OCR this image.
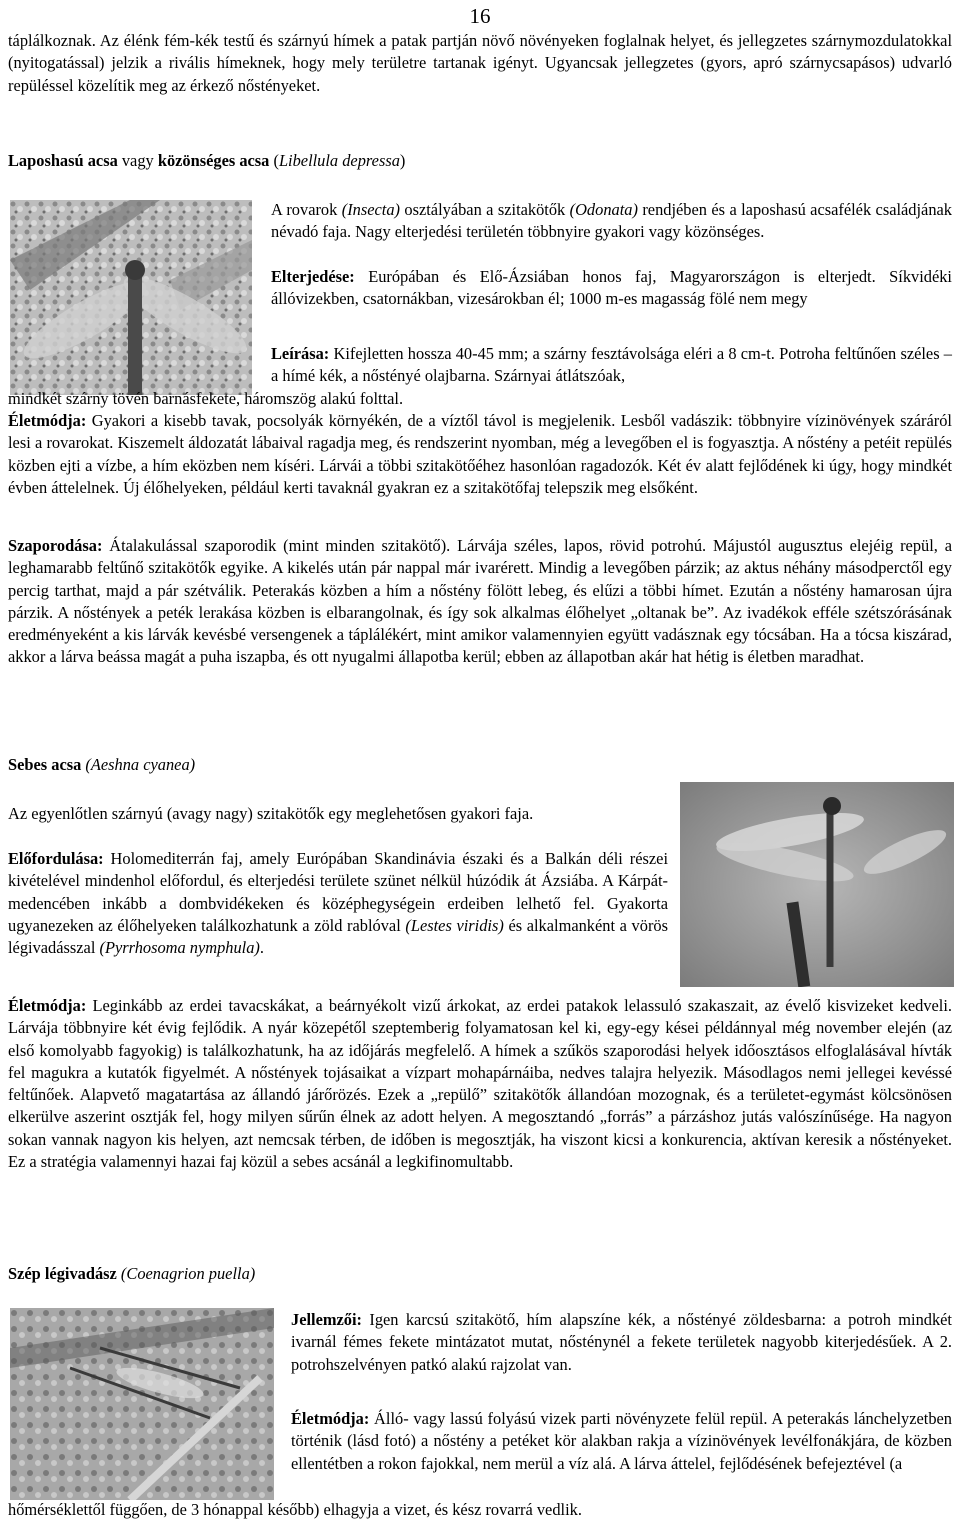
16
táplálkoznak. Az élénk fém-kék testű és szárnyú hímek a patak partján növő növényeken foglalnak helyet, és jellegzetes szárnymozdulatokkal (nyitogatással) jelzik a rivális hímeknek, hogy mely területre tartanak igényt. Ugyancsak jellegzetes (gyors, apró szárnycsapásos) udvarló repüléssel közelítik meg az érkező nőstényeket.
Laposhasú acsa vagy közönséges acsa (Libellula depressa)
A rovarok (Insecta) osztályában a szitakötők (Odonata) rendjében és a laposhasú acsafélék családjának névadó faja. Nagy elterjedési területén többnyire gyakori vagy közönséges.
Elterjedése: Európában és Elő-Ázsiában honos faj, Magyarországon is elterjedt. Síkvidéki állóvizekben, csatornákban, vizesárokban él; 1000 m-es magasság fölé nem megy
Leírása: Kifejletten hossza 40-45 mm; a szárny fesztávolsága eléri a 8 cm-t. Potroha feltűnően széles – a hímé kék, a nőstényé olajbarna. Szárnyai átlátszóak,
mindkét szárny tövén barnásfekete, háromszög alakú folttal.
Életmódja: Gyakori a kisebb tavak, pocsolyák környékén, de a víztől távol is megjelenik. Lesből vadászik: többnyire vízinövények száráról lesi a rovarokat. Kiszemelt áldozatát lábaival ragadja meg, és rendszerint nyomban, még a levegőben el is fogyasztja. A nőstény a petéit repülés közben ejti a vízbe, a hím eközben nem kíséri. Lárvái a többi szitakötőéhez hasonlóan ragadozók. Két év alatt fejlődének ki úgy, hogy mindkét évben áttelelnek. Új élőhelyeken, például kerti tavaknál gyakran ez a szitakötőfaj telepszik meg elsőként.
Szaporodása: Átalakulással szaporodik (mint minden szitakötő). Lárvája széles, lapos, rövid potrohú. Májustól augusztus elejéig repül, a leghamarabb feltűnő szitakötők egyike. A kikelés után pár nappal már ivarérett. Mindig a levegőben párzik; az aktus néhány másodperctől egy percig tarthat, majd a pár szétválik. Peterakás közben a hím a nőstény fölött lebeg, és elűzi a többi hímet. Ezután a nőstény hamarosan újra párzik. A nőstények a peték lerakása közben is elbarangolnak, és így sok alkalmas élőhelyet „oltanak be”. Az ivadékok efféle szétszórásának eredményeként a kis lárvák kevésbé versengenek a táplálékért, mint amikor valamennyien együtt vadásznak egy tócsában. Ha a tócsa kiszárad, akkor a lárva beássa magát a puha iszapba, és ott nyugalmi állapotba kerül; ebben az állapotban akár hat hétig is életben maradhat.
Sebes acsa (Aeshna cyanea)
Az egyenlőtlen szárnyú (avagy nagy) szitakötők egy meglehetősen gyakori faja.
Előfordulása: Holomediterrán faj, amely Európában Skandinávia északi és a Balkán déli részei kivételével mindenhol előfordul, és elterjedési területe szünet nélkül húzódik át Ázsiába. A Kárpát-medencében inkább a dombvidékeken és középhegységein erdeiben lelhető fel. Gyakorta ugyanezeken az élőhelyeken találkozhatunk a zöld rablóval (Lestes viridis) és alkalmanként a vörös légivadásszal (Pyrrhosoma nymphula).
Életmódja: Leginkább az erdei tavacskákat, a beárnyékolt vizű árkokat, az erdei patakok lelassuló szakaszait, az évelő kisvizeket kedveli. Lárvája többnyire két évig fejlődik. A nyár közepétől szeptemberig folyamatosan kel ki, egy-egy kései példánnyal még november elején (az első komolyabb fagyokig) is találkozhatunk, ha az időjárás megfelelő. A hímek a szűkös szaporodási helyek időosztásos elfoglalásával hívták fel magukra a kutatók figyelmét. A nőstények tojásaikat a vízpart mohapárnáiba, nedves talajra helyezik. Másodlagos nemi jellegei kevéssé feltűnőek. Alapvető magatartása az állandó járőrözés. Ezek a „repülő” szitakötők állandóan mozognak, és a területet-egymást kölcsönösen elkerülve aszerint osztják fel, hogy milyen sűrűn élnek az adott helyen. A megosztandó „forrás” a párzáshoz jutás valószínűsége. Ha nagyon sokan vannak nagyon kis helyen, azt nemcsak térben, de időben is megosztják, ha viszont kicsi a konkurencia, aktívan keresik a nőstényeket. Ez a stratégia valamennyi hazai faj közül a sebes acsánál a legkifinomultabb.
Szép légivadász (Coenagrion puella)
Jellemzői: Igen karcsú szitakötő, hím alapszíne kék, a nőstényé zöldesbarna: a potroh mindkét ivarnál fémes fekete mintázatot mutat, nősténynél a fekete területek nagyobb kiterjedésűek. A 2. potrohszelvényen patkó alakú rajzolat van.
Életmódja: Álló- vagy lassú folyású vizek parti növényzete felül repül. A peterakás lánchelyzetben történik (lásd fotó) a nőstény a petéket kör alakban rakja a vízinövények levélfonákjára, de közben ellentétben a rokon fajokkal, nem merül a víz alá. A lárva áttelel, fejlődésének befejeztével (a
hőmérséklettől függően, de 3 hónappal később) elhagyja a vizet, és kész rovarrá vedlik.
